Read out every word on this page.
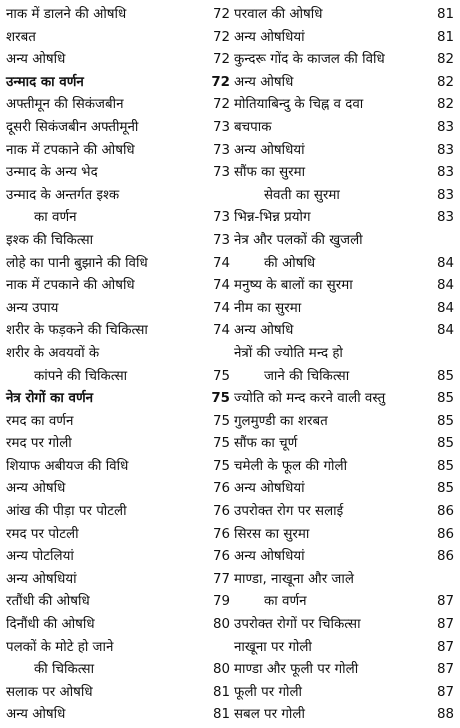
नाक में डालने की ओषधि	72
शरबत	72
अन्य ओषधि	72
उन्माद का वर्णन	72
अफ्तीमून की सिकंजबीन	72
दूसरी सिकंजबीन अफ्तीमूनी	73
नाक में टपकाने की ओषधि	73
उन्माद के अन्य भेद	73
उन्माद के अन्तर्गत इश्क
का वर्णन	73
इश्क की चिकित्सा	73
लोहे का पानी बुझाने की विधि	74
नाक में टपकाने की ओषधि	74
अन्य उपाय	74
शरीर के फड़कने की चिकित्सा	74
शरीर के अवयवों के
कांपने की चिकित्सा	75
नेत्र रोगों का वर्णन	75
रमद का वर्णन	75
रमद पर गोली	75
शियाफ अबीयज की विधि	75
अन्य ओषधि	76
आंख की पीड़ा पर पोटली	76
रमद पर पोटली	76
अन्य पोटलियां	76
अन्य ओषधियां	77
रतौंधी की ओषधि	79
दिनौंधी की ओषधि	80
पलकों के मोटे हो जाने
की चिकित्सा	80
सलाक पर ओषधि	81
अन्य ओषधि	81
परवाल की ओषधि	81
अन्य ओषधियां	81
कुन्दरू गोंद के काजल की विधि	82
अन्य ओषधि	82
मोतियाबिन्दु के चिह्न व दवा	82
बचपाक	83
अन्य ओषधियां	83
सौंफ का सुरमा	83
सेवती का सुरमा	83
भिन्न-भिन्न प्रयोग	83
नेत्र और पलकों की खुजली
की ओषधि	84
मनुष्य के बालों का सुरमा	84
नीम का सुरमा	84
अन्य ओषधि	84
नेत्रों की ज्योति मन्द हो
जाने की चिकित्सा	85
ज्योति को मन्द करने वाली वस्तु	85
गुलमुण्डी का शरबत	85
सौंफ का चूर्ण	85
चमेली के फूल की गोली	85
अन्य ओषधियां	85
उपरोक्त रोग पर सलाई	86
सिरस का सुरमा	86
अन्य ओषधियां	86
माण्डा, नाखूना और जाले
का वर्णन	87
उपरोक्त रोगों पर चिकित्सा	87
नाखूना पर गोली	87
माण्डा और फूली पर गोली	87
फूली पर गोली	87
सबल पर गोली	88
